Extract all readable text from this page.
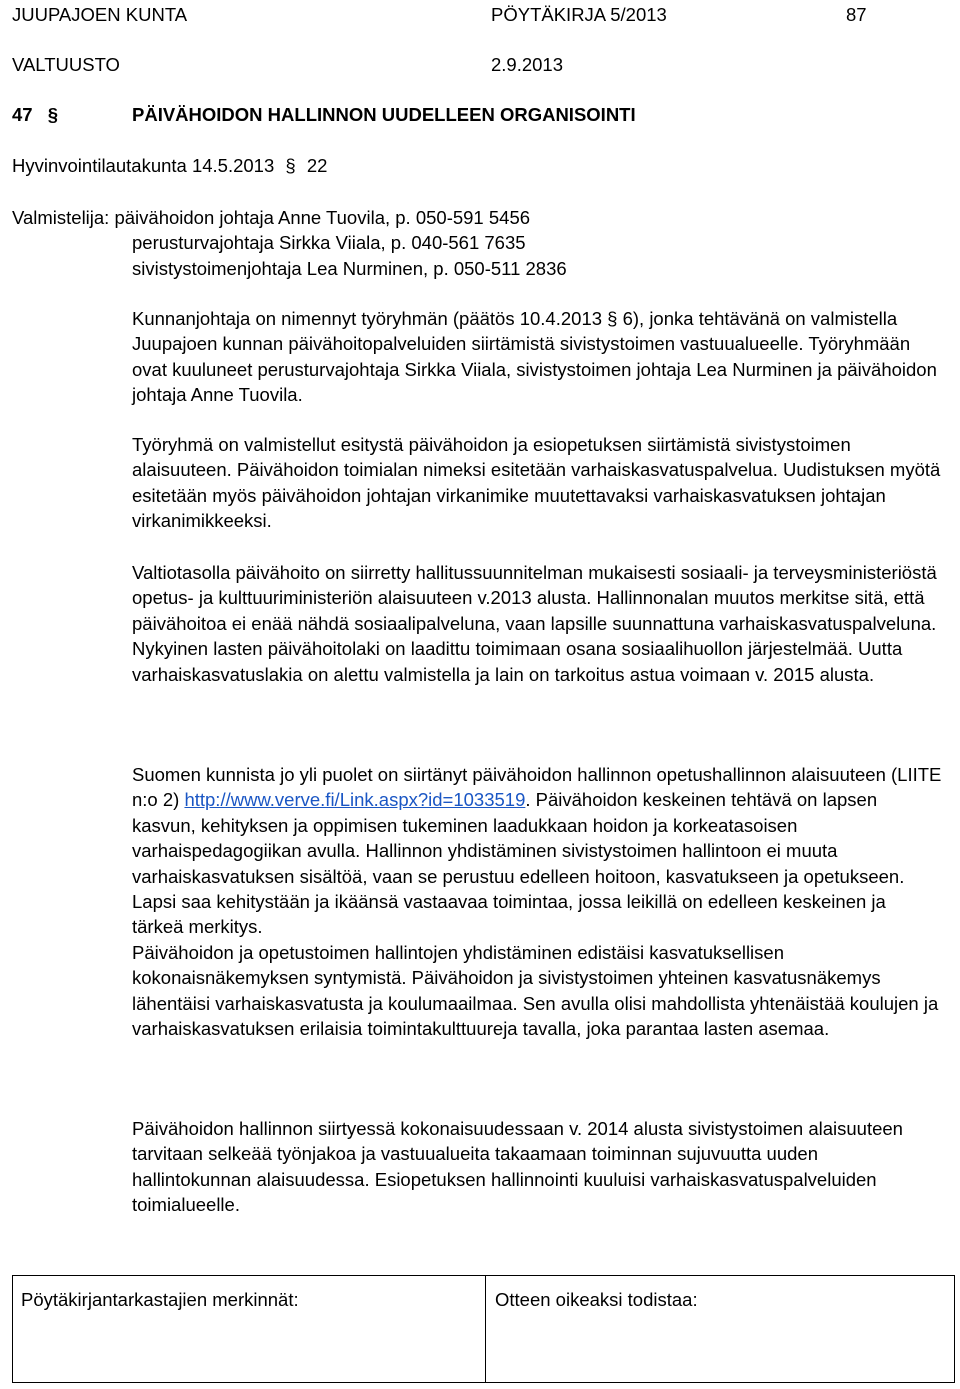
JUUPAJOEN KUNTA	PÖYTÄKIRJA 5/2013	87
VALTUUSTO	2.9.2013
47 §	PÄIVÄHOIDON HALLINNON UUDELLEEN ORGANISOINTI
Hyvinvointilautakunta 14.5.2013 § 22
Valmistelija: päivähoidon johtaja Anne Tuovila, p. 050-591 5456
perusturvajohtaja Sirkka Viiala, p. 040-561 7635
sivistystoimenjohtaja Lea Nurminen, p. 050-511 2836

Kunnanjohtaja on nimennyt työryhmän (päätös 10.4.2013 § 6), jonka tehtävänä on valmistella Juupajoen kunnan päivähoitopalveluiden siirtämistä sivistystoimen vastuualueelle. Työryhmään ovat kuuluneet perusturvajohtaja Sirkka Viiala, sivistystoimen johtaja Lea Nurminen ja päivähoidon johtaja Anne Tuovila.

Työryhmä on valmistellut esitystä päivähoidon ja esiopetuksen siirtämistä sivistystoimen alaisuuteen. Päivähoidon toimialan nimeksi esitetään varhaiskasvatuspalvelua. Uudistuksen myötä esitetään myös päivähoidon johtajan virkanimike muutettavaksi varhaiskasvatuksen johtajan virkanimikkeeksi.

Valtiotasolla päivähoito on siirretty hallitussuunnitelman mukaisesti sosiaali- ja terveysministeriöstä opetus- ja kulttuuriministeriön alaisuuteen v.2013 alusta. Hallinnonalan muutos merkitse sitä, että päivähoitoa ei enää nähdä sosiaalipalveluna, vaan lapsille suunnattuna varhaiskasvatuspalveluna. Nykyinen lasten päivähoitolaki on laadittu toimimaan osana sosiaalihuollon järjestelmää. Uutta varhaiskasvatuslakia on alettu valmistella ja lain on tarkoitus astua voimaan v. 2015 alusta.

Suomen kunnista jo yli puolet on siirtänyt päivähoidon hallinnon opetushallinnon alaisuuteen (LIITE n:o 2) http://www.verve.fi/Link.aspx?id=1033519. Päivähoidon keskeinen tehtävä on lapsen kasvun, kehityksen ja oppimisen tukeminen laadukkaan hoidon ja korkeatasoisen varhaispedagogiikan avulla. Hallinnon yhdistäminen sivistystoimen hallintoon ei muuta varhaiskasvatuksen sisältöä, vaan se perustuu edelleen hoitoon, kasvatukseen ja opetukseen. Lapsi saa kehitystään ja ikäänsä vastaavaa toimintaa, jossa leikillä on edelleen keskeinen ja tärkeä merkitys.

Päivähoidon ja opetustoimen hallintojen yhdistäminen edistäisi kasvatuksellisen kokonaisnäkemyksen syntymistä. Päivähoidon ja sivistystoimen yhteinen kasvatusnäkemys lähentäisi varhaiskasvatusta ja koulumaailmaa. Sen avulla olisi mahdollista yhtenäistää koulujen ja varhaiskasvatuksen erilaisia toimintakulttuureja tavalla, joka parantaa lasten asemaa.

Päivähoidon hallinnon siirtyessä kokonaisuudessaan v. 2014 alusta sivistystoimen alaisuuteen tarvitaan selkeää työnjakoa ja vastuualueita takaamaan toiminnan sujuvuutta uuden hallintokunnan alaisuudessa. Esiopetuksen hallinnointi kuuluisi varhaiskasvatuspalveluiden toimialueelle.

Pöytäkirjantarkastajien merkinnät:	Otteen oikeaksi todistaa:
